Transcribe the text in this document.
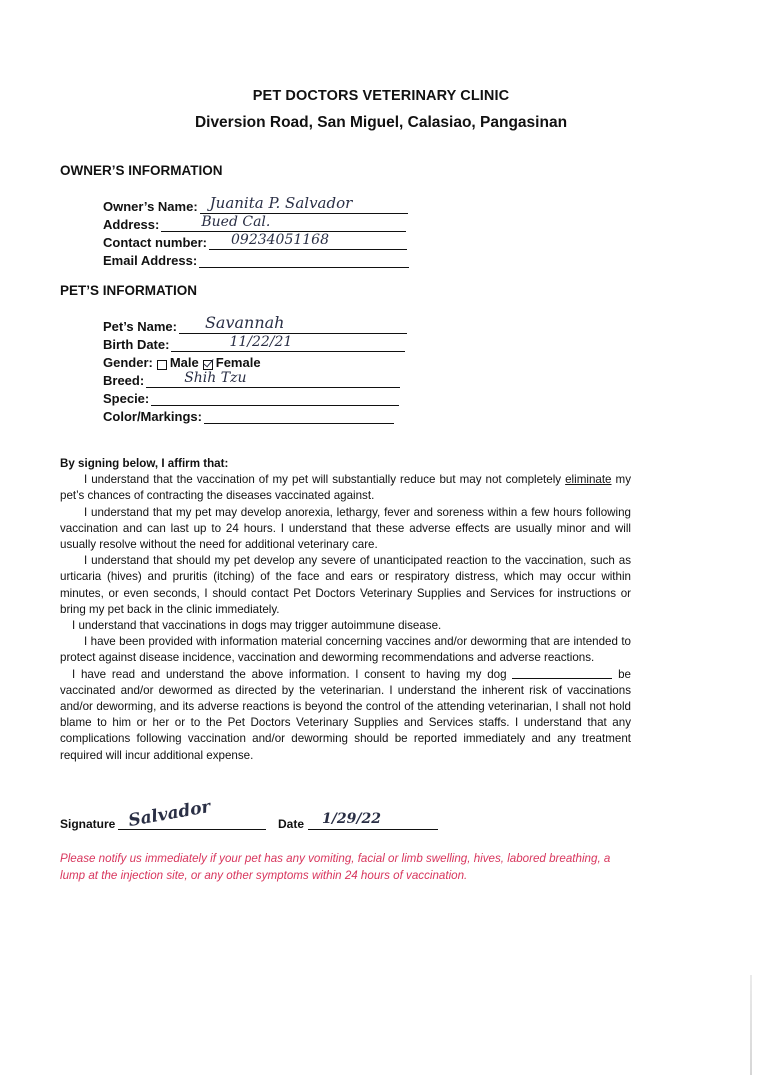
PET DOCTORS VETERINARY CLINIC
Diversion Road, San Miguel, Calasiao, Pangasinan
OWNER’S INFORMATION
Owner’s Name: Juanita P. Salvador
Address:	Bued Cal.
Contact number: 09234051168
Email Address:
PET’S INFORMATION
Pet’s Name: Savannah
Birth Date:	11/22/21
Gender: Male Female
Breed:	Shih Tzu
Specie:
Color/Markings:

By signing below, I affirm that:

I understand that the vaccination of my pet will substantially reduce but may not completely eliminate my pet’s chances of contracting the diseases vaccinated against.

I understand that my pet may develop anorexia, lethargy, fever and soreness within a few hours following vaccination and can last up to 24 hours. I understand that these adverse effects are usually minor and will usually resolve without the need for additional veterinary care.

I understand that should my pet develop any severe of unanticipated reaction to the vaccination, such as urticaria (hives) and pruritis (itching) of the face and ears or respiratory distress, which may occur within minutes, or even seconds, I should contact Pet Doctors Veterinary Supplies and Services for instructions or bring my pet back in the clinic immediately.

I understand that vaccinations in dogs may trigger autoimmune disease.

I have been provided with information material concerning vaccines and/or deworming that are intended to protect against disease incidence, vaccination and deworming recommendations and adverse reactions.

I have read and understand the above information. I consent to having my dog	be vaccinated and/or dewormed as directed by the veterinarian. I understand the inherent risk of vaccinations and/or deworming, and its adverse reactions is beyond the control of the attending veterinarian, I shall not hold blame to him or her or to the Pet Doctors Veterinary Supplies and Services staffs. I understand that any complications following vaccination and/or deworming should be reported immediately and any treatment required will incur additional expense.

Signature Salvador	Date 1/29/22
Please notify us immediately if your pet has any vomiting, facial or limb swelling, hives, labored breathing, a lump at the injection site, or any other symptoms within 24 hours of vaccination.
